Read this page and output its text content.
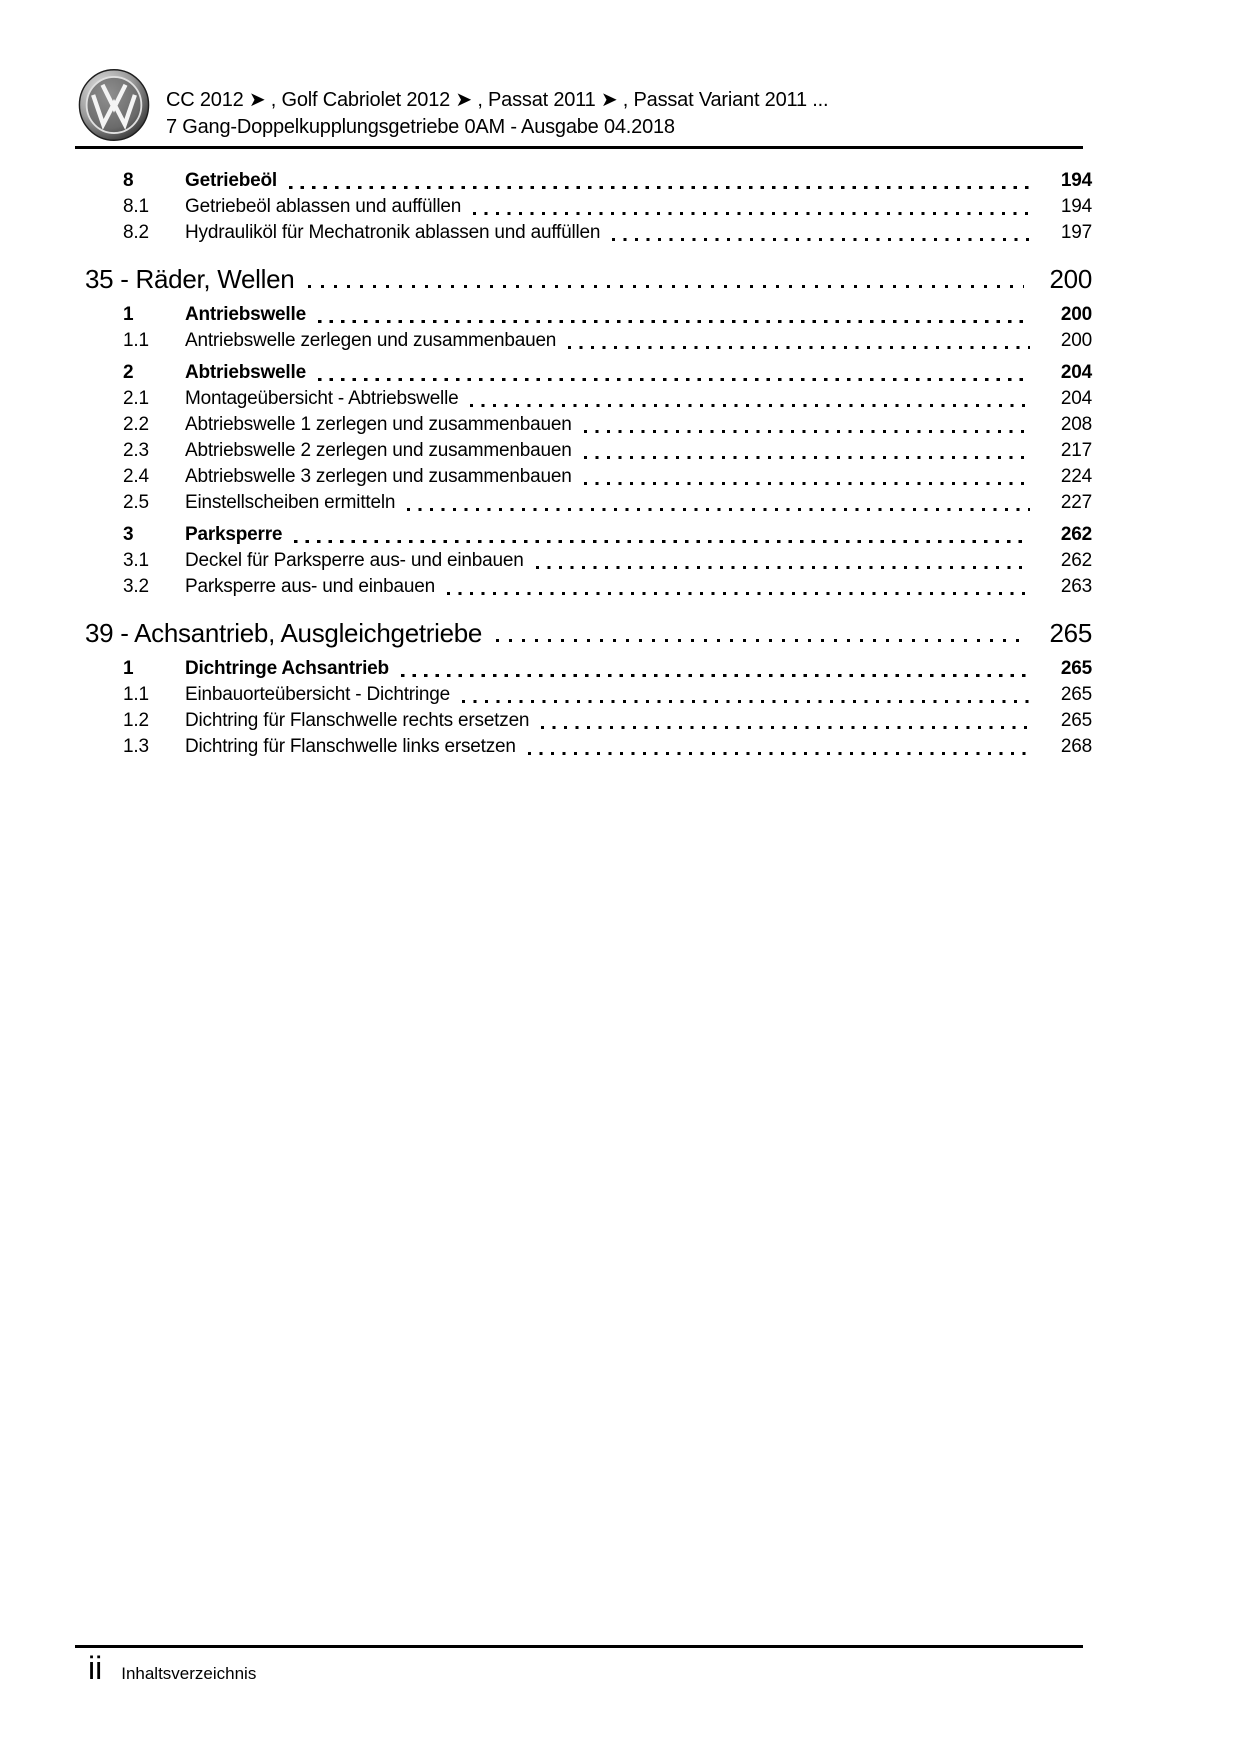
CC 2012 ➤ , Golf Cabriolet 2012 ➤ , Passat 2011 ➤ , Passat Variant 2011 ...
7 Gang-Doppelkupplungsgetriebe 0AM - Ausgabe 04.2018
8	Getriebeöl	194
8.1	Getriebeöl ablassen und auffüllen	194
8.2	Hydrauliköl für Mechatronik ablassen und auffüllen	197
35 - Räder, Wellen	200
1	Antriebswelle	200
1.1	Antriebswelle zerlegen und zusammenbauen	200
2	Abtriebswelle	204
2.1	Montageübersicht - Abtriebswelle	204
2.2	Abtriebswelle 1 zerlegen und zusammenbauen	208
2.3	Abtriebswelle 2 zerlegen und zusammenbauen	217
2.4	Abtriebswelle 3 zerlegen und zusammenbauen	224
2.5	Einstellscheiben ermitteln	227
3	Parksperre	262
3.1	Deckel für Parksperre aus- und einbauen	262
3.2	Parksperre aus- und einbauen	263
39 - Achsantrieb, Ausgleichgetriebe	265
1	Dichtringe Achsantrieb	265
1.1	Einbauorteübersicht - Dichtringe	265
1.2	Dichtring für Flanschwelle rechts ersetzen	265
1.3	Dichtring für Flanschwelle links ersetzen	268
ii Inhaltsverzeichnis
